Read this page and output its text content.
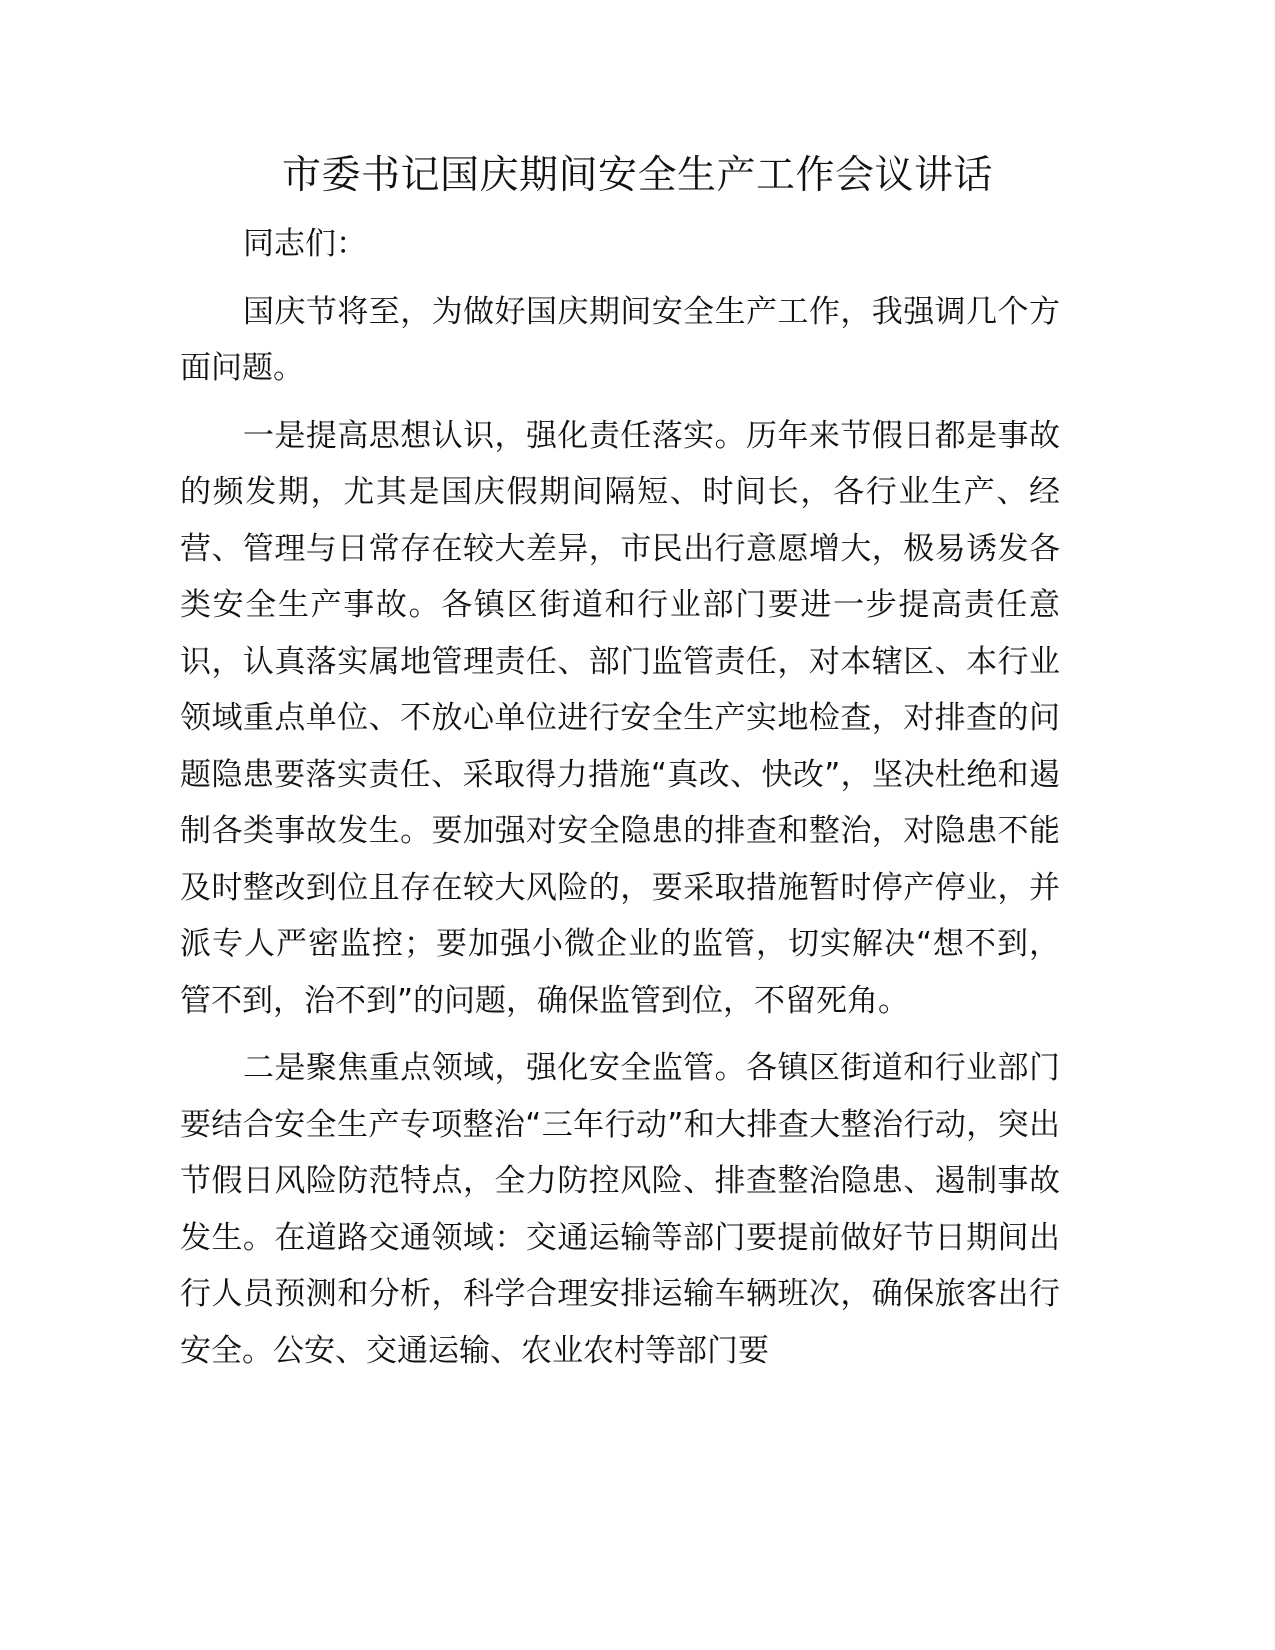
市委书记国庆期间安全生产工作会议讲话

同志们：

国庆节将至，为做好国庆期间安全生产工作，我强调几个方面问题。

一是提高思想认识，强化责任落实。历年来节假日都是事故的频发期，尤其是国庆假期间隔短、时间长，各行业生产、经营、管理与日常存在较大差异，市民出行意愿增大，极易诱发各类安全生产事故。各镇区街道和行业部门要进一步提高责任意识，认真落实属地管理责任、部门监管责任，对本辖区、本行业领域重点单位、不放心单位进行安全生产实地检查，对排查的问题隐患要落实责任、采取得力措施“真改、快改”，坚决杜绝和遏制各类事故发生。要加强对安全隐患的排查和整治，对隐患不能及时整改到位且存在较大风险的，要采取措施暂时停产停业，并派专人严密监控；要加强小微企业的监管，切实解决“想不到，管不到，治不到”的问题，确保监管到位，不留死角。

二是聚焦重点领域，强化安全监管。各镇区街道和行业部门要结合安全生产专项整治“三年行动”和大排查大整治行动，突出节假日风险防范特点，全力防控风险、排查整治隐患、遏制事故发生。在道路交通领域：交通运输等部门要提前做好节日期间出行人员预测和分析，科学合理安排运输车辆班次，确保旅客出行安全。公安、交通运输、农业农村等部门要
